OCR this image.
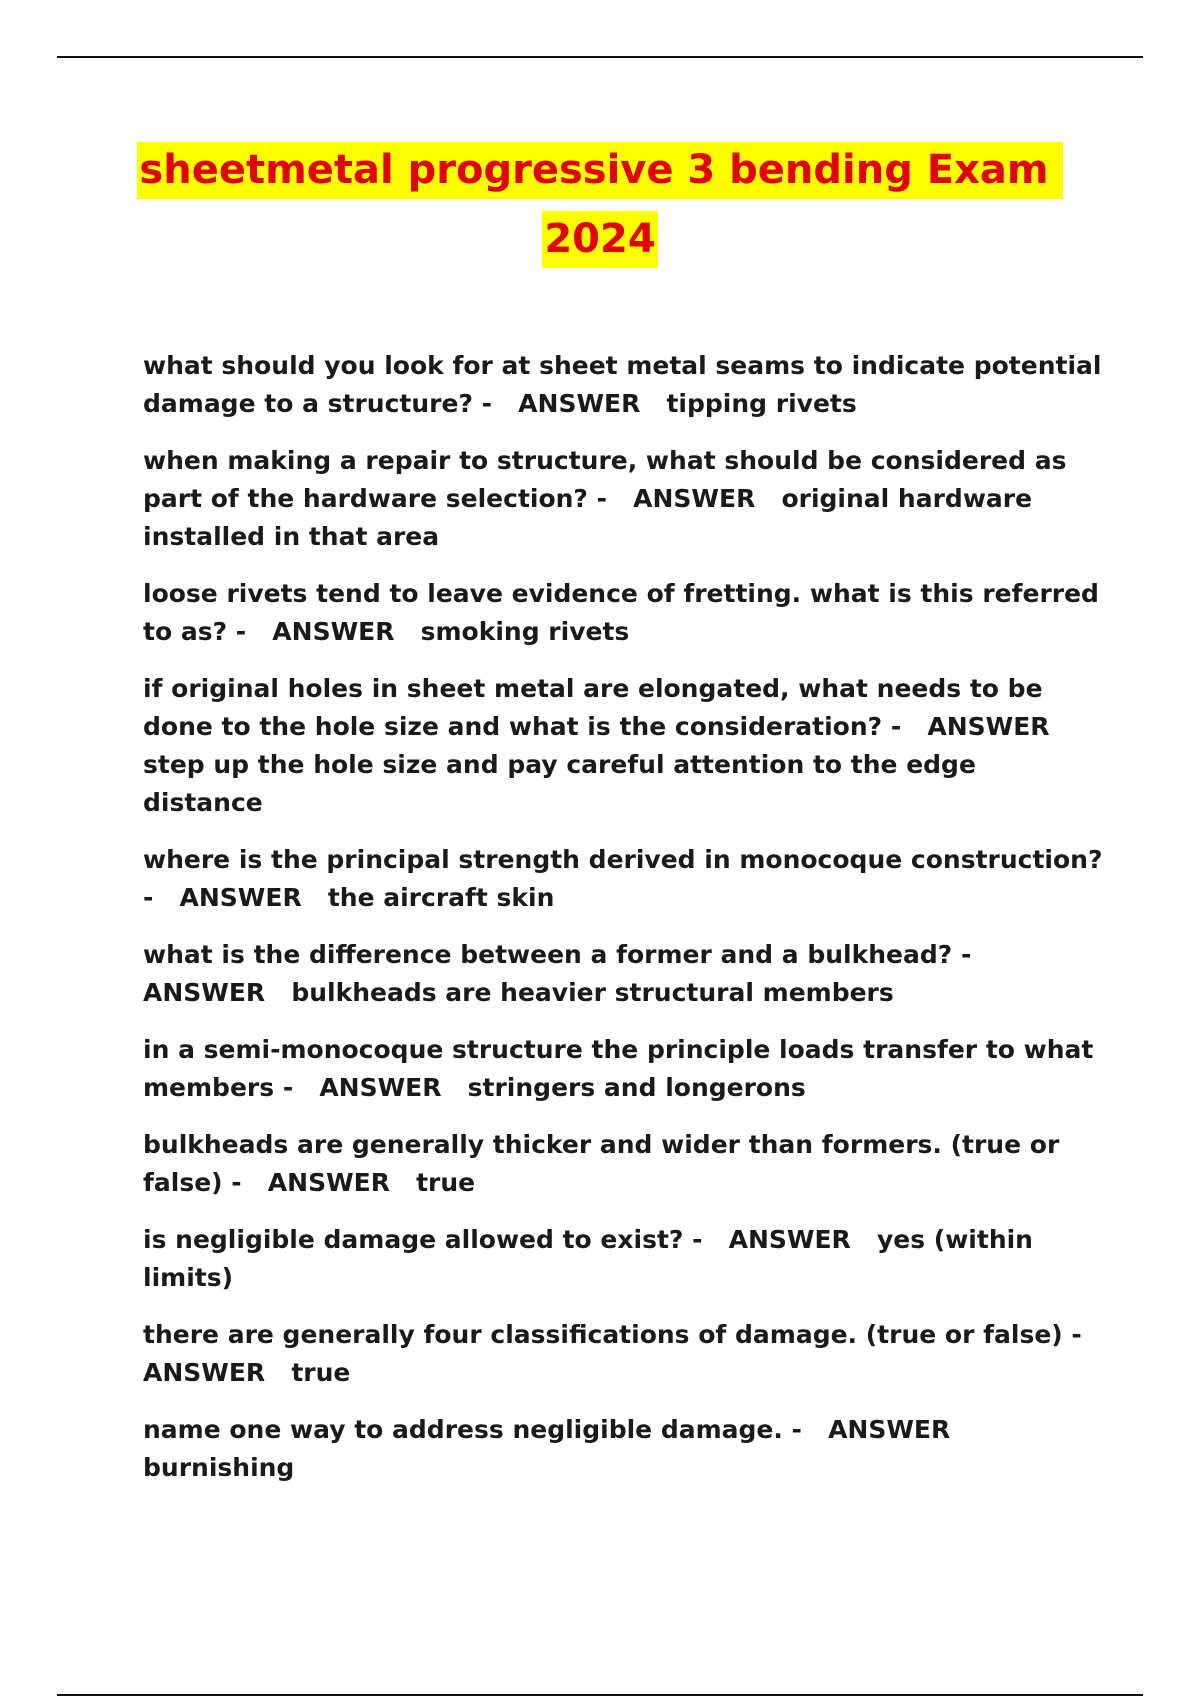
sheetmetal progressive 3 bending Exam
2024

what should you look for at sheet metal seams to indicate potential damage to a structure? -   ANSWER tipping rivets

when making a repair to structure, what should be considered as part of the hardware selection? -   ANSWER original hardware installed in that area

loose rivets tend to leave evidence of fretting. what is this referred to as? -   ANSWER smoking rivets

if original holes in sheet metal are elongated, what needs to be done to the hole size and what is the consideration? -   ANSWER   step up the hole size and pay careful attention to the edge distance

where is the principal strength derived in monocoque construction? -   ANSWER the aircraft skin

what is the difference between a former and a bulkhead? -   ANSWER bulkheads are heavier structural members

in a semi-monocoque structure the principle loads transfer to what members -   ANSWER stringers and longerons

bulkheads are generally thicker and wider than formers. (true or false) -   ANSWER true

is negligible damage allowed to exist? -   ANSWER yes (within limits)

there are generally four classifications of damage. (true or false) -   ANSWER true

name one way to address negligible damage. -   ANSWER   burnishing
